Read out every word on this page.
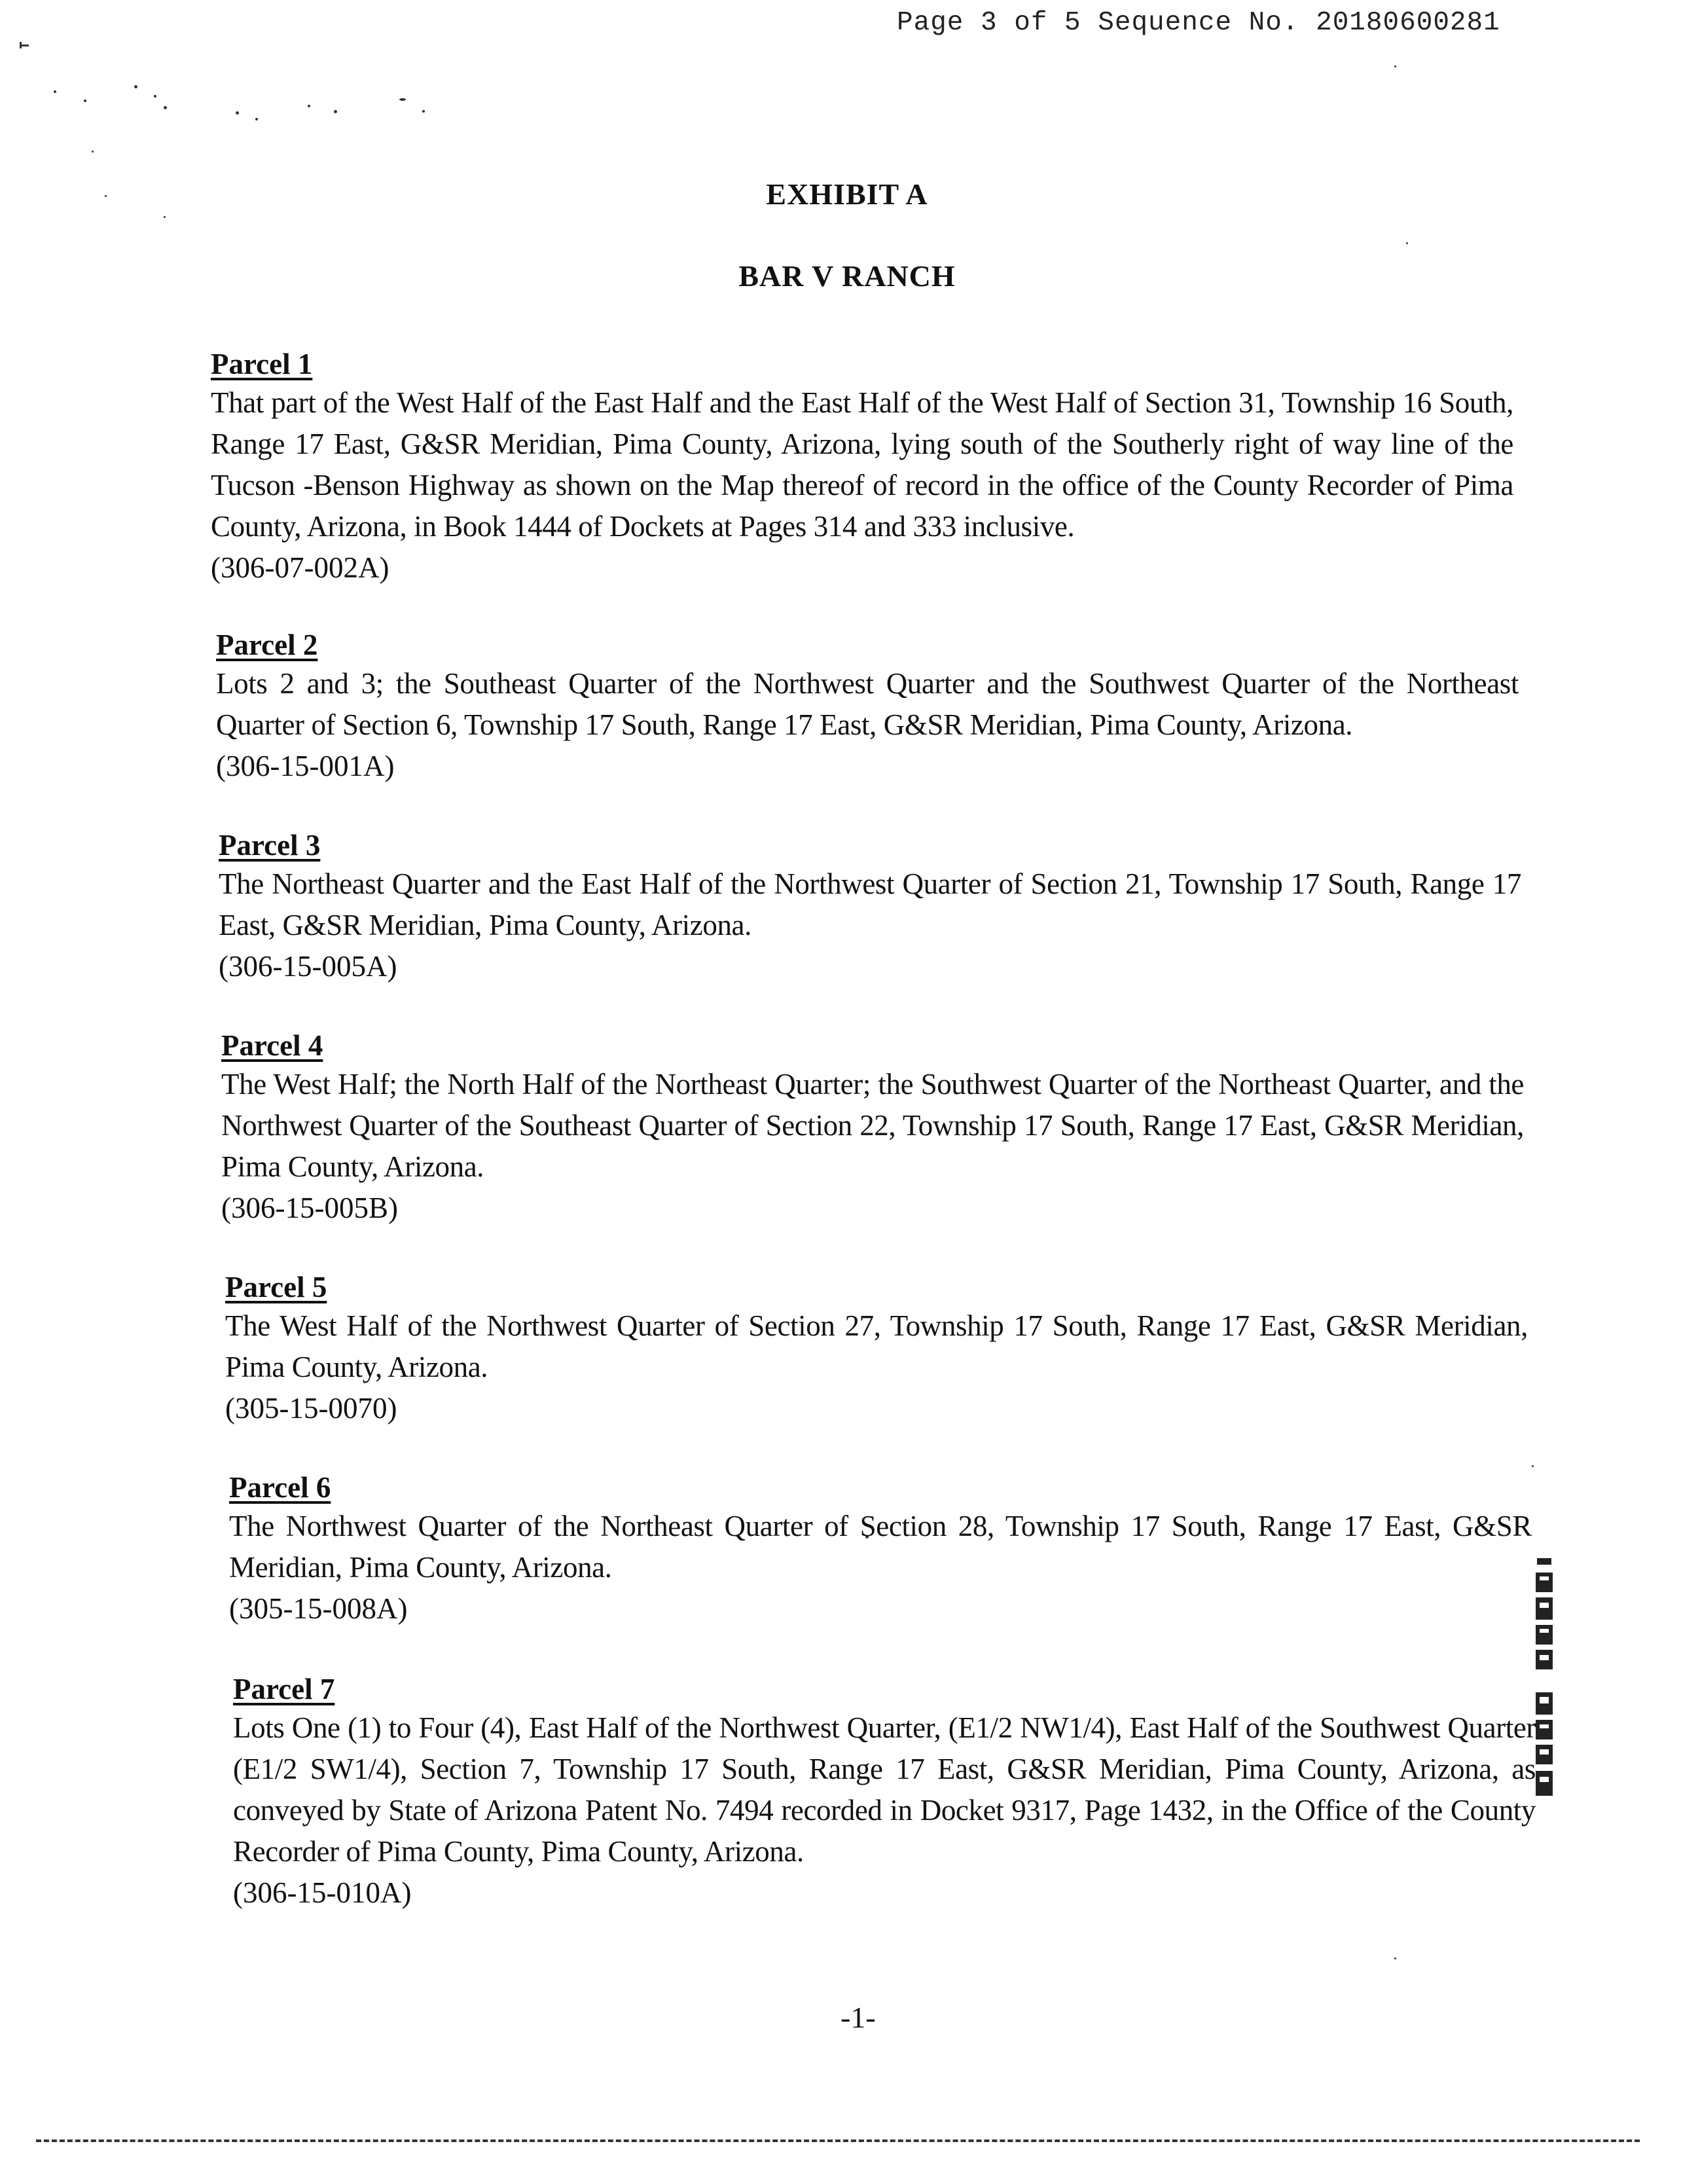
Page 3 of 5 Sequence No. 20180600281
EXHIBIT A
BAR V RANCH
Parcel 1
That part of the West Half of the East Half and the East Half of the West Half of Section 31, Township 16 South, Range 17 East, G&SR Meridian, Pima County, Arizona, lying south of the Southerly right of way line of the Tucson -Benson Highway as shown on the Map thereof of record in the office of the County Recorder of Pima County, Arizona, in Book 1444 of Dockets at Pages 314 and 333 inclusive.
(306-07-002A)
Parcel 2
Lots 2 and 3; the Southeast Quarter of the Northwest Quarter and the Southwest Quarter of the Northeast Quarter of Section 6, Township 17 South, Range 17 East, G&SR Meridian, Pima County, Arizona.
(306-15-001A)
Parcel 3
The Northeast Quarter and the East Half of the Northwest Quarter of Section 21, Township 17 South, Range 17 East, G&SR Meridian, Pima County, Arizona.
(306-15-005A)
Parcel 4
The West Half; the North Half of the Northeast Quarter; the Southwest Quarter of the Northeast Quarter, and the Northwest Quarter of the Southeast Quarter of Section 22, Township 17 South, Range 17 East, G&SR Meridian, Pima County, Arizona.
(306-15-005B)
Parcel 5
The West Half of the Northwest Quarter of Section 27, Township 17 South, Range 17 East, G&SR Meridian, Pima County, Arizona.
(305-15-0070)
Parcel 6
The Northwest Quarter of the Northeast Quarter of Section 28, Township 17 South, Range 17 East, G&SR Meridian, Pima County, Arizona.
(305-15-008A)
Parcel 7
Lots One (1) to Four (4), East Half of the Northwest Quarter, (E1/2 NW1/4), East Half of the Southwest Quarter (E1/2 SW1/4), Section 7, Township 17 South, Range 17 East, G&SR Meridian, Pima County, Arizona, as conveyed by State of Arizona Patent No. 7494 recorded in Docket 9317, Page 1432, in the Office of the County Recorder of Pima County, Pima County, Arizona.
(306-15-010A)
-1-
